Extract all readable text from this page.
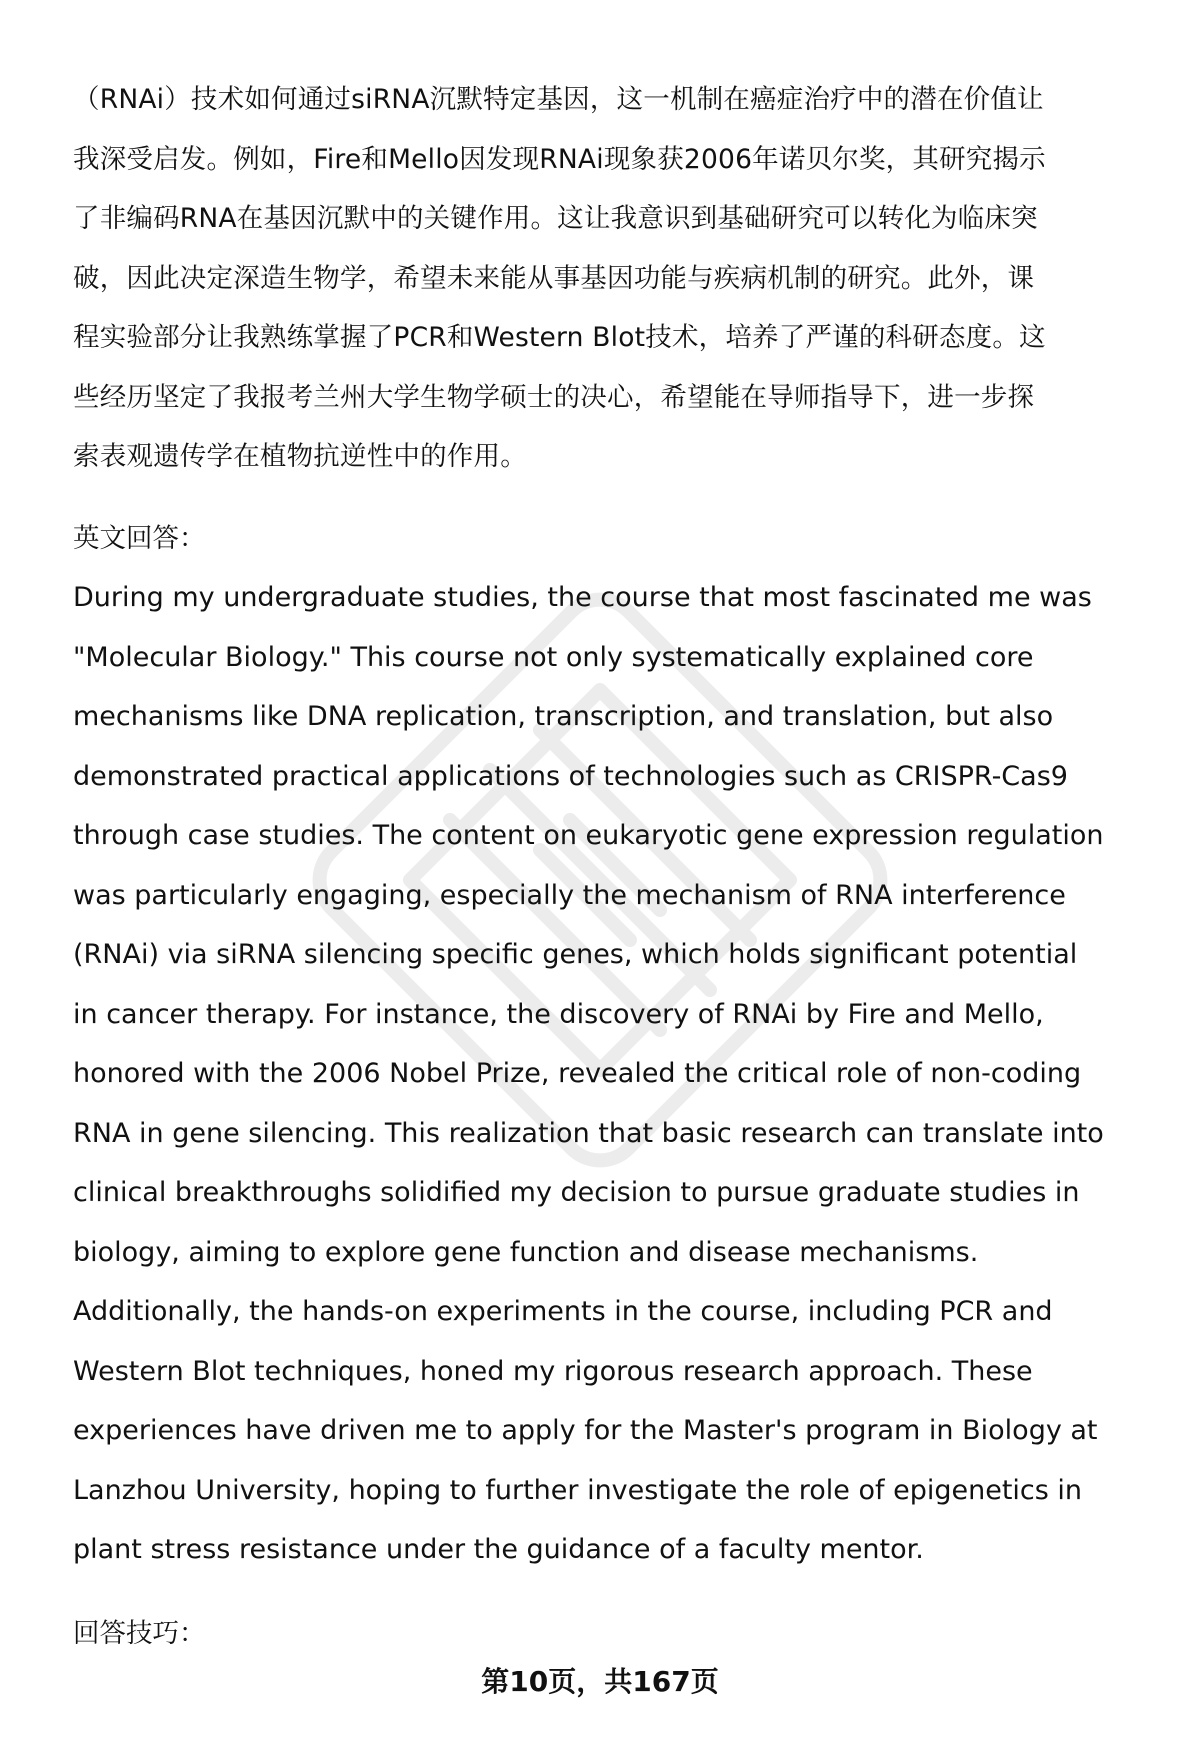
（RNAi）技术如何通过siRNA沉默特定基因，这一机制在癌症治疗中的潜在价值让
我深受启发。例如，Fire和Mello因发现RNAi现象获2006年诺贝尔奖，其研究揭示
了非编码RNA在基因沉默中的关键作用。这让我意识到基础研究可以转化为临床突
破，因此决定深造生物学，希望未来能从事基因功能与疾病机制的研究。此外，课
程实验部分让我熟练掌握了PCR和Western Blot技术，培养了严谨的科研态度。这
些经历坚定了我报考兰州大学生物学硕士的决心，希望能在导师指导下，进一步探
索表观遗传学在植物抗逆性中的作用。

英文回答：

During my undergraduate studies, the course that most fascinated me was
"Molecular Biology." This course not only systematically explained core
mechanisms like DNA replication, transcription, and translation, but also
demonstrated practical applications of technologies such as CRISPR-Cas9
through case studies. The content on eukaryotic gene expression regulation
was particularly engaging, especially the mechanism of RNA interference
(RNAi) via siRNA silencing specific genes, which holds significant potential
in cancer therapy. For instance, the discovery of RNAi by Fire and Mello,
honored with the 2006 Nobel Prize, revealed the critical role of non-coding
RNA in gene silencing. This realization that basic research can translate into
clinical breakthroughs solidified my decision to pursue graduate studies in
biology, aiming to explore gene function and disease mechanisms.
Additionally, the hands-on experiments in the course, including PCR and
Western Blot techniques, honed my rigorous research approach. These
experiences have driven me to apply for the Master's program in Biology at
Lanzhou University, hoping to further investigate the role of epigenetics in
plant stress resistance under the guidance of a faculty mentor.

回答技巧：

第10页，共167页
